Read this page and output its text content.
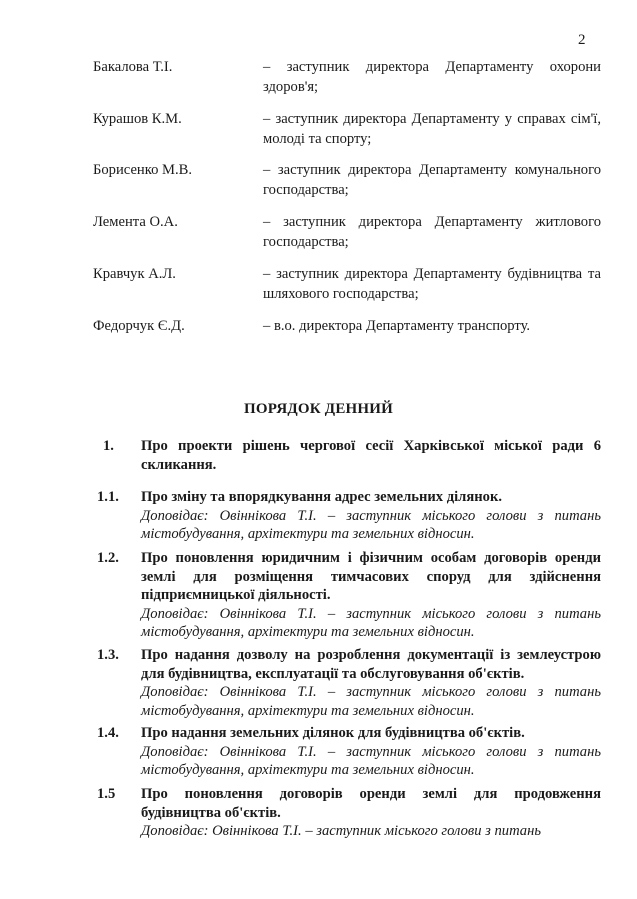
2
Бакалова Т.І.	– заступник директора Департаменту охорони здоров'я;
Курашов К.М.	– заступник директора Департаменту у справах сім'ї, молоді та спорту;
Борисенко М.В.	– заступник директора Департаменту комунального господарства;
Лемента О.А.	– заступник директора Департаменту житлового господарства;
Кравчук А.Л.	– заступник директора Департаменту будівництва та шляхового господарства;
Федорчук Є.Д.	– в.о. директора Департаменту транспорту.
ПОРЯДОК ДЕННИЙ
1. Про проекти рішень чергової сесії Харківської міської ради 6 скликання.
1.1. Про зміну та впорядкування адрес земельних ділянок.
Доповідає: Овіннікова Т.І. – заступник міського голови з питань містобудування, архітектури та земельних відносин.
1.2. Про поновлення юридичним і фізичним особам договорів оренди землі для розміщення тимчасових споруд для здійснення підприємницької діяльності.
Доповідає: Овіннікова Т.І. – заступник міського голови з питань містобудування, архітектури та земельних відносин.
1.3. Про надання дозволу на розроблення документації із землеустрою для будівництва, експлуатації та обслуговування об'єктів.
Доповідає: Овіннікова Т.І. – заступник міського голови з питань містобудування, архітектури та земельних відносин.
1.4. Про надання земельних ділянок для будівництва об'єктів.
Доповідає: Овіннікова Т.І. – заступник міського голови з питань містобудування, архітектури та земельних відносин.
1.5 Про поновлення договорів оренди землі для продовження будівництва об'єктів.
Доповідає: Овіннікова Т.І. – заступник міського голови з питань
